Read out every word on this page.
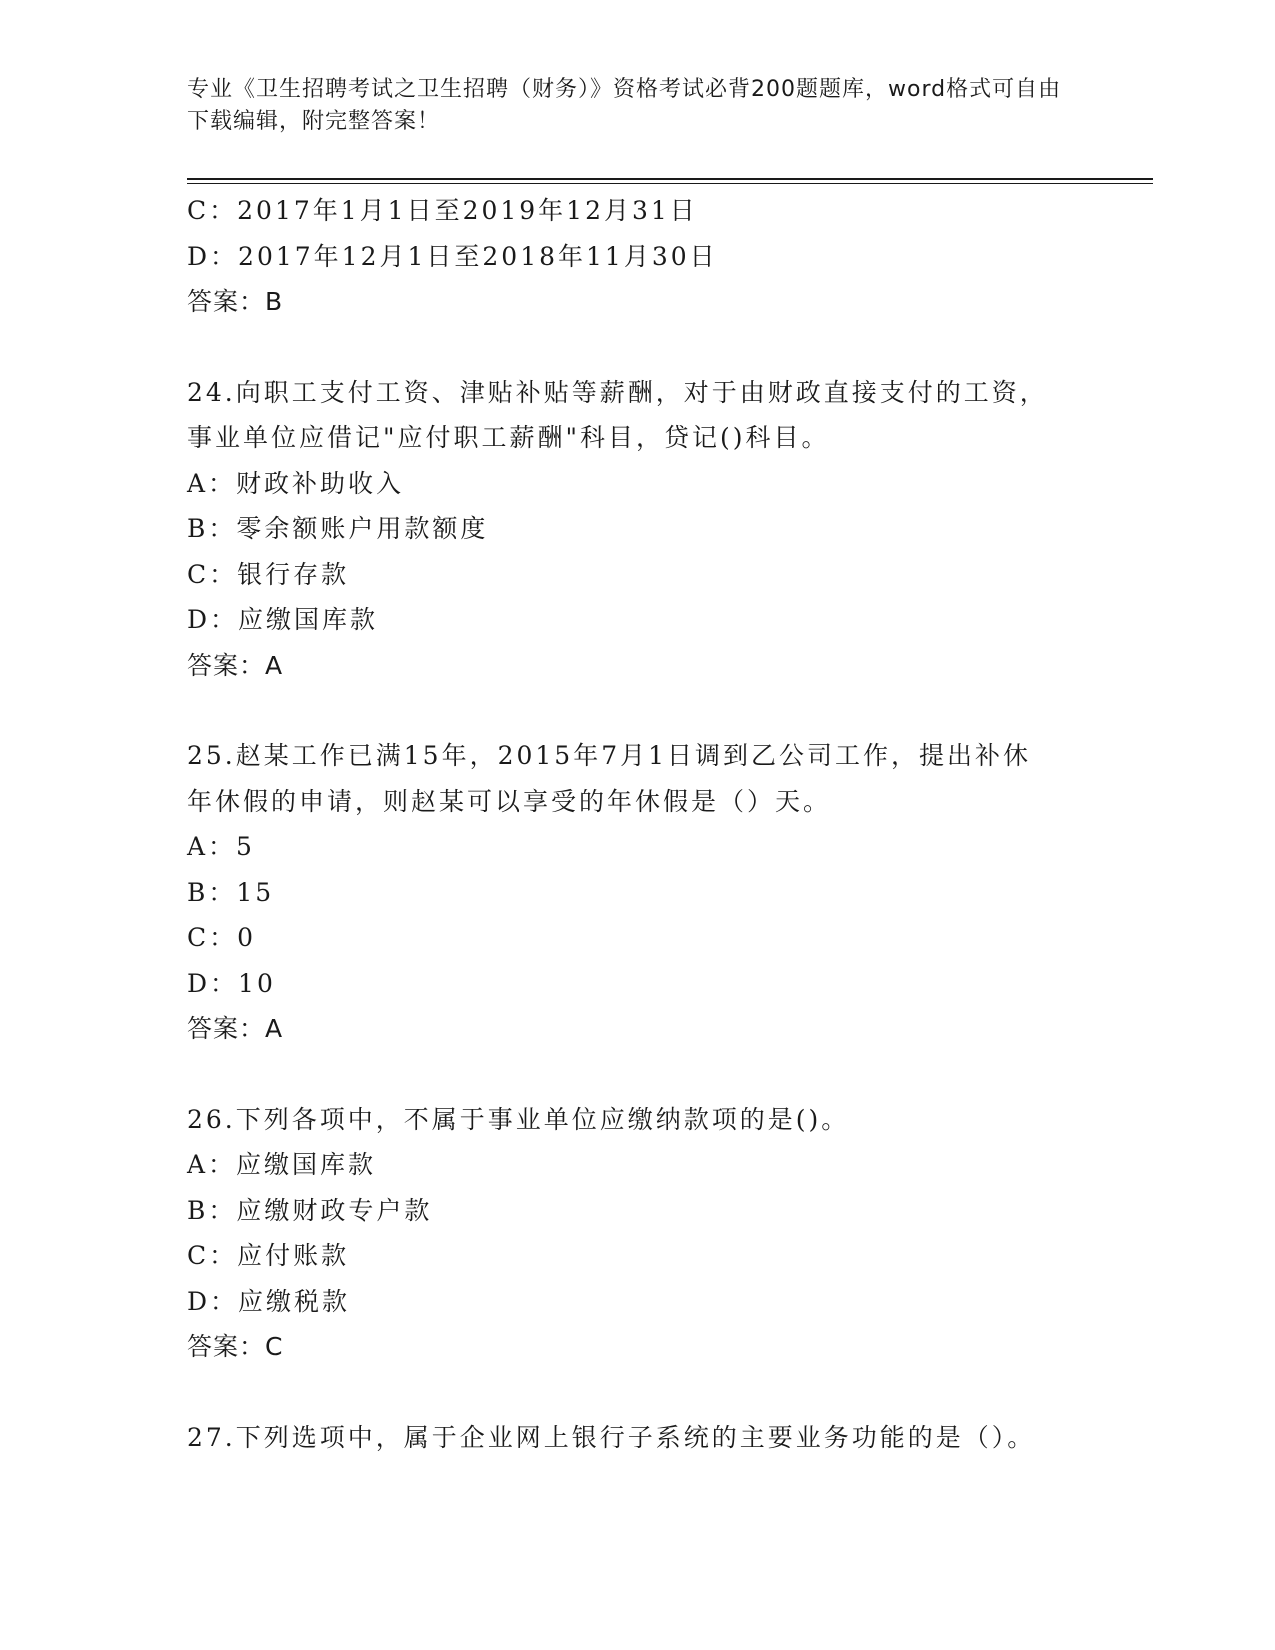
专业《卫生招聘考试之卫生招聘（财务）》资格考试必背200题题库，word格式可自由下载编辑，附完整答案！
C：2017年1月1日至2019年12月31日
D：2017年12月1日至2018年11月30日
答案：B
24.向职工支付工资、津贴补贴等薪酬，对于由财政直接支付的工资，
事业单位应借记"应付职工薪酬"科目，贷记()科目。
A：财政补助收入
B：零余额账户用款额度
C：银行存款
D：应缴国库款
答案：A
25.赵某工作已满15年，2015年7月1日调到乙公司工作，提出补休
年休假的申请，则赵某可以享受的年休假是（）天。
A：5
B：15
C：0
D：10
答案：A
26.下列各项中，不属于事业单位应缴纳款项的是()。
A：应缴国库款
B：应缴财政专户款
C：应付账款
D：应缴税款
答案：C
27.下列选项中，属于企业网上银行子系统的主要业务功能的是（）。
